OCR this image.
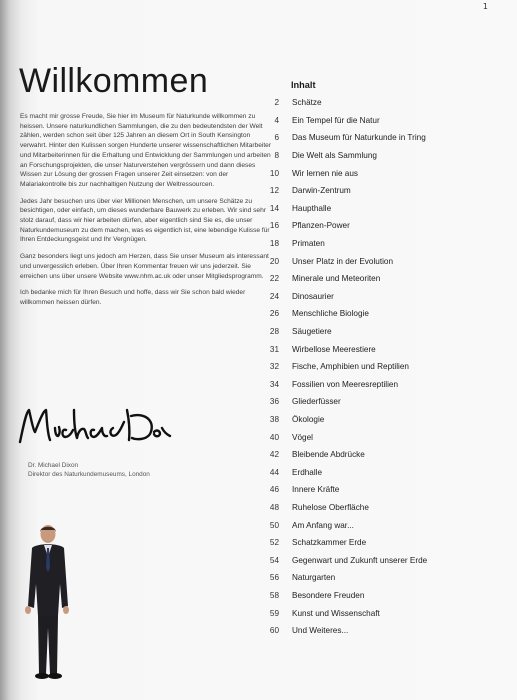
1
Willkommen

Es macht mir grosse Freude, Sie hier im Museum für Naturkunde willkommen zu heissen. Unsere naturkundlichen Sammlungen, die zu den bedeutendsten der Welt zählen, werden schon seit über 125 Jahren an diesem Ort in South Kensington verwahrt. Hinter den Kulissen sorgen Hunderte unserer wissenschaftlichen Mitarbeiter und Mitarbeiterinnen für die Erhaltung und Entwicklung der Sammlungen und arbeiten an Forschungsprojekten, die unser Naturverstehen vergrössern und dann dieses Wissen zur Lösung der grossen Fragen unserer Zeit einsetzen: von der Malariakontrolle bis zur nachhaltigen Nutzung der Weltressourcen.

Jedes Jahr besuchen uns über vier Millionen Menschen, um unsere Schätze zu besichtigen, oder einfach, um dieses wunderbare Bauwerk zu erleben. Wir sind sehr stolz darauf, dass wir hier arbeiten dürfen, aber eigentlich sind Sie es, die unser Naturkundemuseum zu dem machen, was es eigentlich ist, eine lebendige Kulisse für Ihren Entdeckungsgeist und Ihr Vergnügen.

Ganz besonders liegt uns jedoch am Herzen, dass Sie unser Museum als interessant und unvergesslich erleben. Über Ihren Kommentar freuen wir uns jederzeit. Sie erreichen uns über unsere Website www.nhm.ac.uk oder unser Mitgliedsprogramm.

Ich bedanke mich für Ihren Besuch und hoffe, dass wir Sie schon bald wieder willkommen heissen dürfen.

Dr. Michael Dixon
Direktor des Naturkundemuseums, London
Inhalt
2 Schätze
4 Ein Tempel für die Natur
6 Das Museum für Naturkunde in Tring
8 Die Welt als Sammlung
10 Wir lernen nie aus
12 Darwin-Zentrum
14 Haupthalle
16 Pflanzen-Power
18 Primaten
20 Unser Platz in der Evolution
22 Minerale und Meteoriten
24 Dinosaurier
26 Menschliche Biologie
28 Säugetiere
31 Wirbellose Meerestiere
32 Fische, Amphibien und Reptilien
34 Fossilien von Meeresreptilien
36 Gliederfüsser
38 Ökologie
40 Vögel
42 Bleibende Abdrücke
44 Erdhalle
46 Innere Kräfte
48 Ruhelose Oberfläche
50 Am Anfang war...
52 Schatzkammer Erde
54 Gegenwart und Zukunft unserer Erde
56 Naturgarten
58 Besondere Freuden
59 Kunst und Wissenschaft
60 Und Weiteres...
